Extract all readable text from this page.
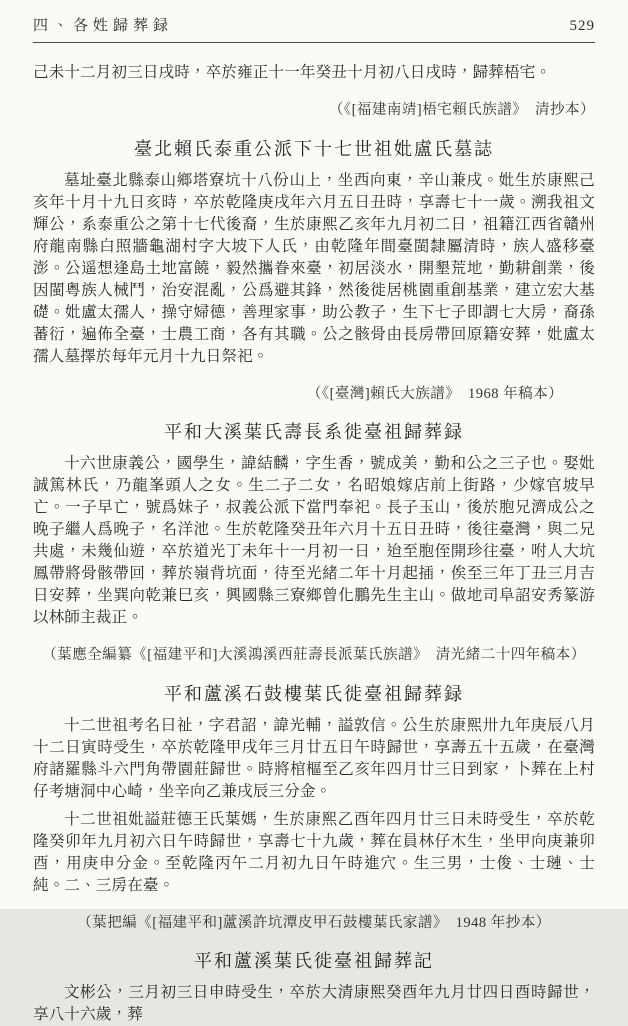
四、各姓歸葬録	529

己未十二月初三日戌時，卒於雍正十一年癸丑十月初八日戌時，歸葬梧宅。

（《[福建南靖]梧宅賴氏族譜》　清抄本）

臺北賴氏泰重公派下十七世祖妣盧氏墓誌

墓址臺北縣泰山鄉塔寮坑十八份山上，坐西向東，辛山兼戌。妣生於康熙己亥年十月十九日亥時，卒於乾隆庚戌年六月五日丑時，享壽七十一歲。溯我祖文輝公，系泰重公之第十七代後裔，生於康熙乙亥年九月初二日，祖籍江西省贛州府龍南縣白照牆龜湖村字大坡下人氏，由乾隆年間臺閩隸屬清時，族人盛移臺澎。公遥想逢島土地富饒，毅然攜眷來臺，初居淡水，開墾荒地，勤耕創業，後因閩粤族人械鬥，治安混亂，公爲避其鋒，然後徙居桃園重創基業，建立宏大基礎。妣盧太孺人，操守婦德，善理家事，助公教子，生下七子即謂七大房，裔孫蕃衍，遍佈全臺，士農工商，各有其職。公之骸骨由長房帶回原籍安葬，妣盧太孺人墓擇於每年元月十九日祭祀。

（《[臺灣]賴氏大族譜》　1968 年稿本）

平和大溪葉氏壽長系徙臺祖歸葬録

十六世康義公，國學生，諱結麟，字生香，號成美，勤和公之三子也。娶妣誠篤林氏，乃龍峯頭人之女。生二子二女，名昭娘嫁店前上街路，少嫁官坡早亡。一子早亡，號爲妹子，叔義公派下當門奉祀。長子玉山，後於胞兄濟成公之晚子繼人爲晚子，名洋池。生於乾隆癸丑年六月十五日丑時，後往臺灣，與二兄共處，未幾仙遊，卒於道光丁未年十一月初一日，迨至胞侄開珍往臺，咐人大坑鳳帶將骨骸帶回，葬於嶺背坑面，待至光緒二年十月起插，俟至三年丁丑三月吉日安葬，坐巽向乾兼巳亥，興國縣三寮鄉曾化鵬先生主山。做地司阜詔安秀篆游以林師主裁正。

（葉應全編纂《[福建平和]大溪鴻溪西莊壽長派葉氏族譜》　清光緒二十四年稿本）

平和蘆溪石鼓樓葉氏徙臺祖歸葬録

十二世祖考名曰祉，字君詔，諱光輔，謚敦信。公生於康熙卅九年庚辰八月十二日寅時受生，卒於乾隆甲戌年三月廿五日午時歸世，享壽五十五歲，在臺灣府諸羅縣斗六門角帶園莊歸世。時將棺樞至乙亥年四月廿三日到家，卜葬在上村仔考塘洞中心崎，坐辛向乙兼戌辰三分金。

十二世祖妣謚莊德王氏葉媽，生於康熙乙酉年四月廿三日未時受生，卒於乾隆癸卯年九月初六日午時歸世，享壽七十九歲，葬在員林仔木生，坐甲向庚兼卯酉，用庚申分金。至乾隆丙午二月初九日午時進穴。生三男，士俊、士璉、士純。二、三房在臺。

（葉把編《[福建平和]蘆溪許坑潭皮甲石鼓樓葉氏家譜》　1948 年抄本）

平和蘆溪葉氏徙臺祖歸葬記

文彬公，三月初三日申時受生，卒於大清康熙癸酉年九月廿四日酉時歸世，享八十六歲，葬
